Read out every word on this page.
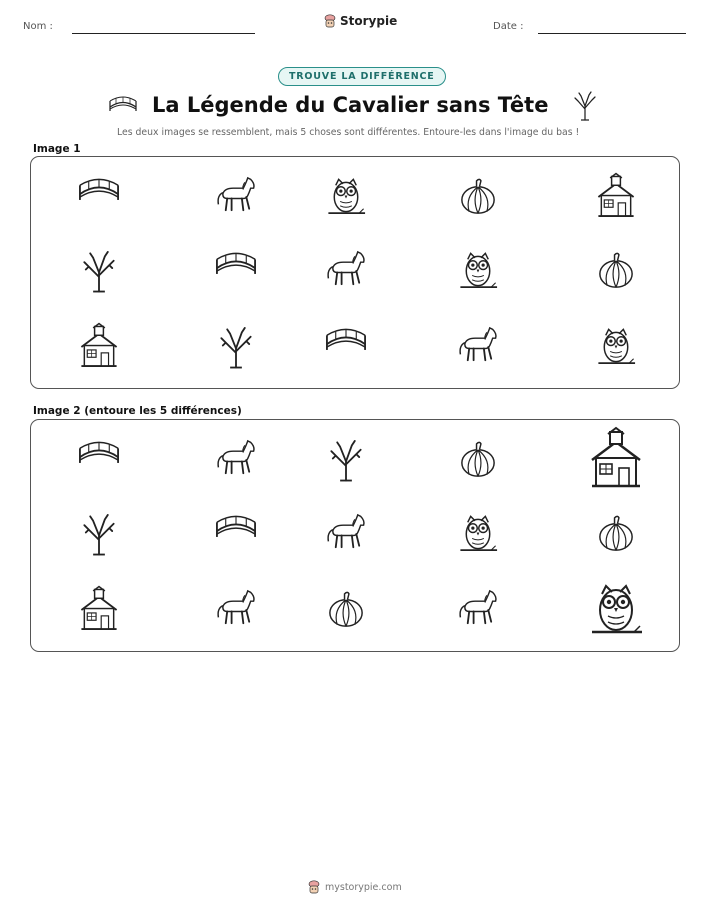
Nom :	Storypie	Date :
TROUVE LA DIFFÉRENCE
La Légende du Cavalier sans Tête
Les deux images se ressemblent, mais 5 choses sont différentes. Entoure-les dans l'image du bas !
Image 1
Image 2 (entoure les 5 différences)
mystorypie.com
